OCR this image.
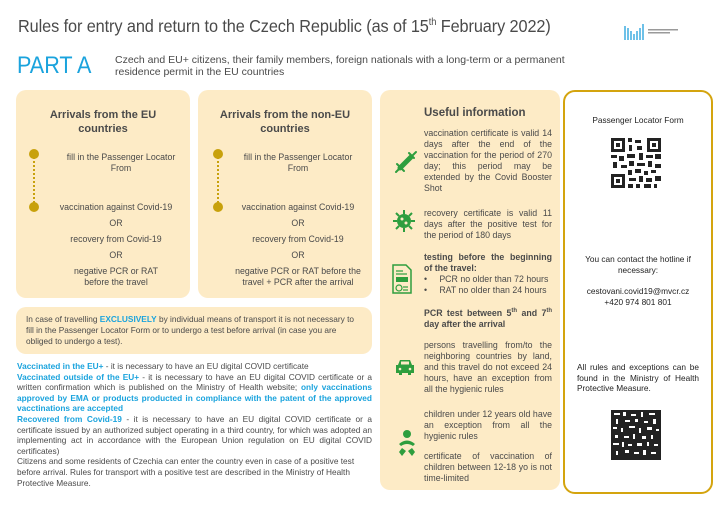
Rules for entry and return to the Czech Republic (as of 15th February 2022)
PART A Czech and EU+ citizens, their family members, foreign nationals with a long-term or a permanent residence permit in the EU countries
Arrivals from the EU countries
fill in the Passenger Locator From
vaccination against Covid-19
OR
recovery from Covid-19
OR
negative PCR or RAT before the travel
Arrivals from the non-EU countries
fill in the Passenger Locator From
vaccination against Covid-19
OR
recovery from Covid-19
OR
negative PCR or RAT before the travel + PCR after the arrival
Useful information
vaccination certificate is valid 14 days after the end of the vaccination for the period of 270 day; this period may be extended by the Covid Booster Shot
recovery certificate is valid 11 days after the positive test for the period of 180 days
testing before the beginning of the travel:
•     PCR no older than 72 hours
•     RAT no older than 24 hours
PCR test between 5th and 7th day after the arrival
persons travelling from/to the neighboring countries by land, and this travel do not exceed 24 hours, have an exception from all the hygienic rules
children under 12 years old have an exception from all the hygienic rules
certificate of vaccination of children between 12-18 yo is not time-limited
Passenger Locator Form
You can contact the hotline if necessary:
cestovani.covid19@mvcr.cz
+420 974 801 801
All rules and exceptions can be found in the Ministry of Health Protective Measure.

In case of travelling EXCLUSIVELY by individual means of transport it is not necessary to fill in the Passenger Locator Form or to undergo a test before arrival (in case you are obliged to undergo a test).

Vaccinated in the EU+ - it is necessary to have an EU digital COVID certificate
Vaccinated outside of the EU+ - it is necessary to have an EU digital COVID certificate or a written confirmation which is published on the Ministry of Health website; only vaccinations approved by EMA or products producted in compliance with the patent of the approved vacctinations are accepted
Recovered from Covid-19 - it is necessary to have an EU digital COVID certificate or a certificate issued by an authorized subject operating in a third country, for which was adopted an implementing act in accordance with the European Union regulation on EU digital COVID certificates)
Citizens and some residents of Czechia can enter the country even in case of a positive test before arrival. Rules for transport with a positive test are described in the Ministry of Health Protective Measure.
